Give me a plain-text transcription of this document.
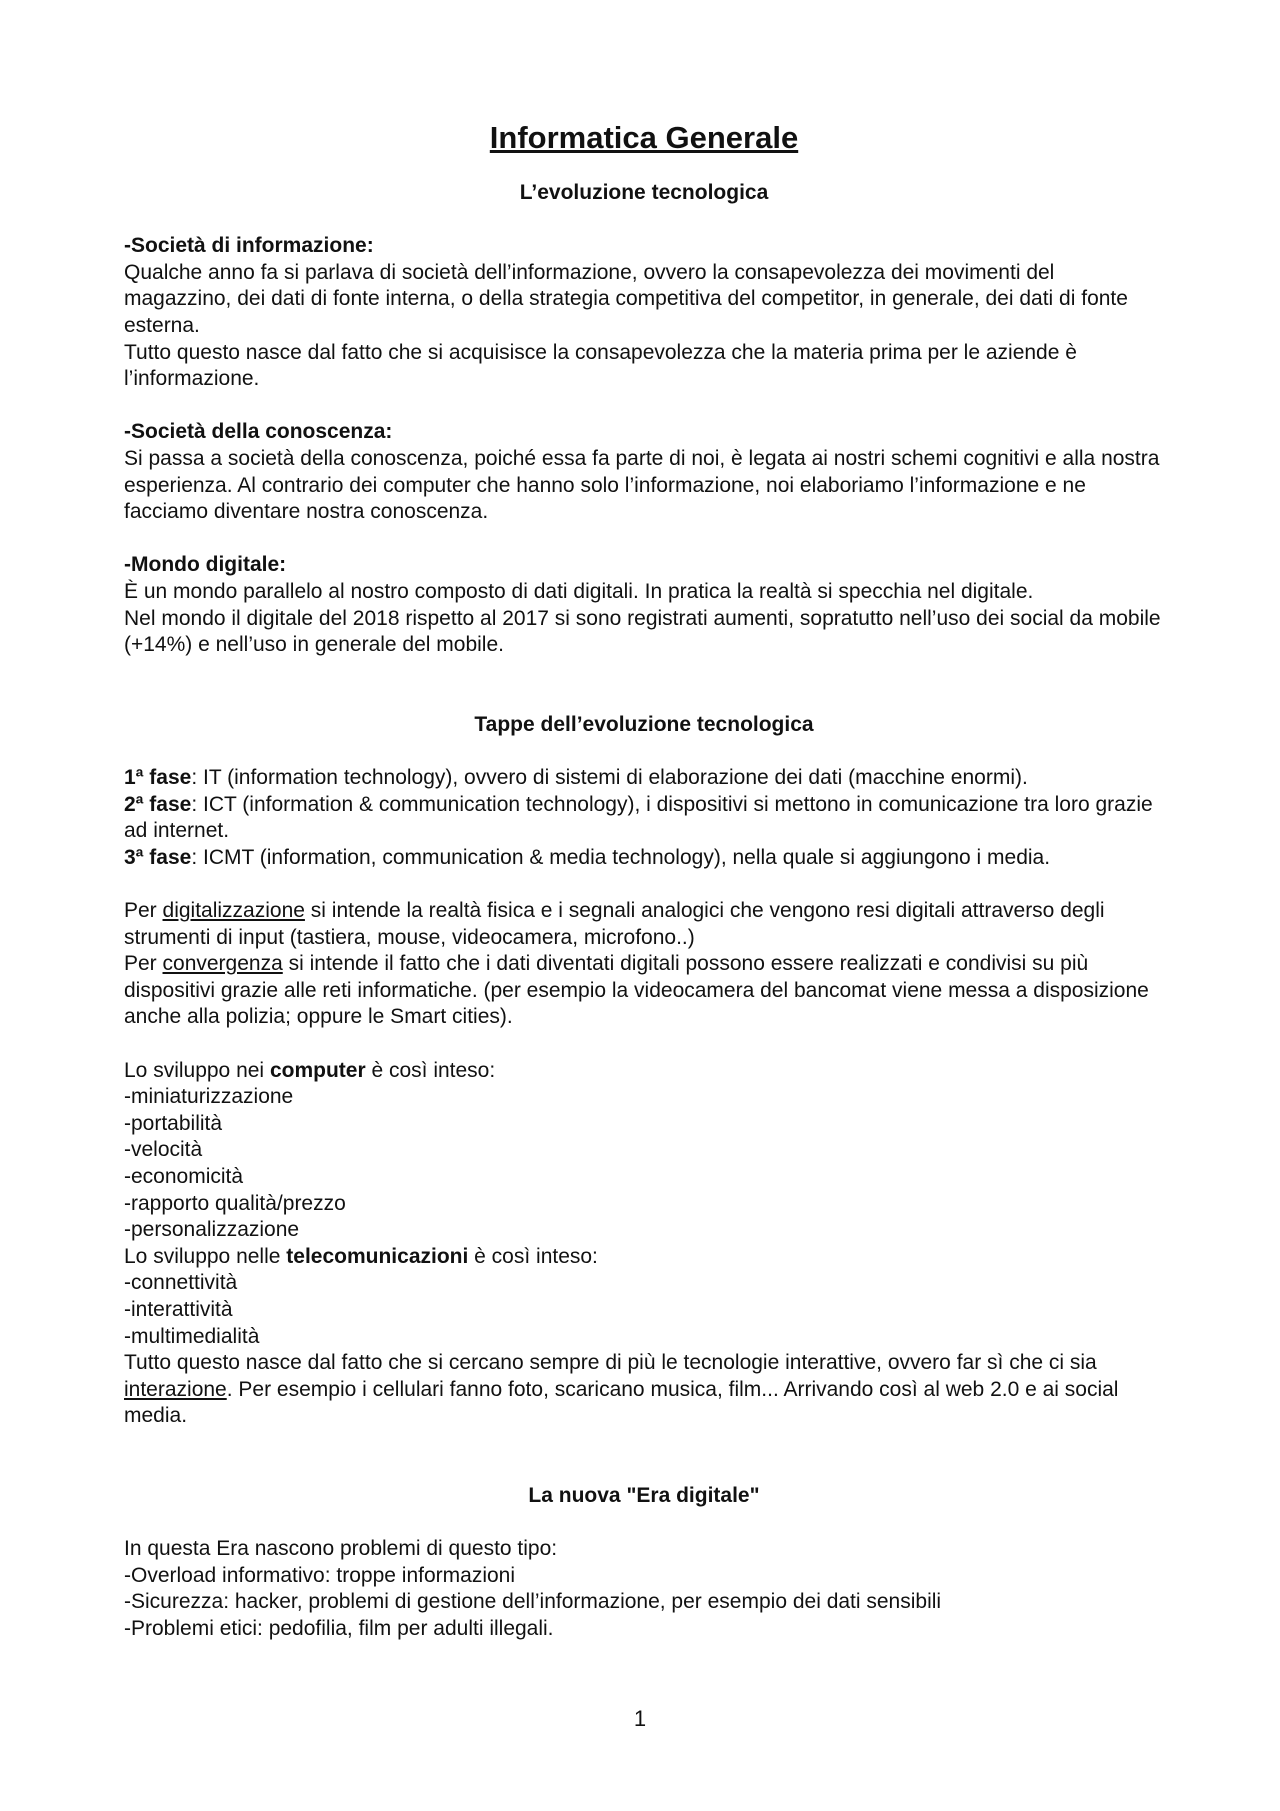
Informatica Generale
L’evoluzione tecnologica

-Società di informazione:

Qualche anno fa si parlava di società dell’informazione, ovvero la consapevolezza dei movimenti del magazzino, dei dati di fonte interna, o della strategia competitiva del competitor, in generale, dei dati di fonte esterna.

Tutto questo nasce dal fatto che si acquisisce la consapevolezza che la materia prima per le aziende è l’informazione.

-Società della conoscenza:

Si passa a società della conoscenza, poiché essa fa parte di noi, è legata ai nostri schemi cognitivi e alla nostra esperienza. Al contrario dei computer che hanno solo l’informazione, noi elaboriamo l’informazione e ne facciamo diventare nostra conoscenza.

-Mondo digitale:

È un mondo parallelo al nostro composto di dati digitali. In pratica la realtà si specchia nel digitale.

Nel mondo il digitale del 2018 rispetto al 2017 si sono registrati aumenti, sopratutto nell’uso dei social da mobile (+14%) e nell’uso in generale del mobile.

Tappe dell’evoluzione tecnologica

1ª fase: IT (information technology), ovvero di sistemi di elaborazione dei dati (macchine enormi).

2ª fase: ICT (information & communication technology), i dispositivi si mettono in comunicazione tra loro grazie ad internet.

3ª fase: ICMT (information, communication & media technology), nella quale si aggiungono i media.

Per digitalizzazione si intende la realtà fisica e i segnali analogici che vengono resi digitali attraverso degli strumenti di input (tastiera, mouse, videocamera, microfono..)

Per convergenza si intende il fatto che i dati diventati digitali possono essere realizzati e condivisi su più dispositivi grazie alle reti informatiche. (per esempio la videocamera del bancomat viene messa a disposizione anche alla polizia; oppure le Smart cities).

Lo sviluppo nei computer è così inteso:

-miniaturizzazione

-portabilità

-velocità

-economicità

-rapporto qualità/prezzo

-personalizzazione

Lo sviluppo nelle telecomunicazioni è così inteso:

-connettività

-interattività

-multimedialità

Tutto questo nasce dal fatto che si cercano sempre di più le tecnologie interattive, ovvero far sì che ci sia interazione. Per esempio i cellulari fanno foto, scaricano musica, film... Arrivando così al web 2.0 e ai social media.

La nuova "Era digitale"

In questa Era nascono problemi di questo tipo:

-Overload informativo: troppe informazioni

-Sicurezza: hacker, problemi di gestione dell’informazione, per esempio dei dati sensibili

-Problemi etici: pedofilia, film per adulti illegali.

1
